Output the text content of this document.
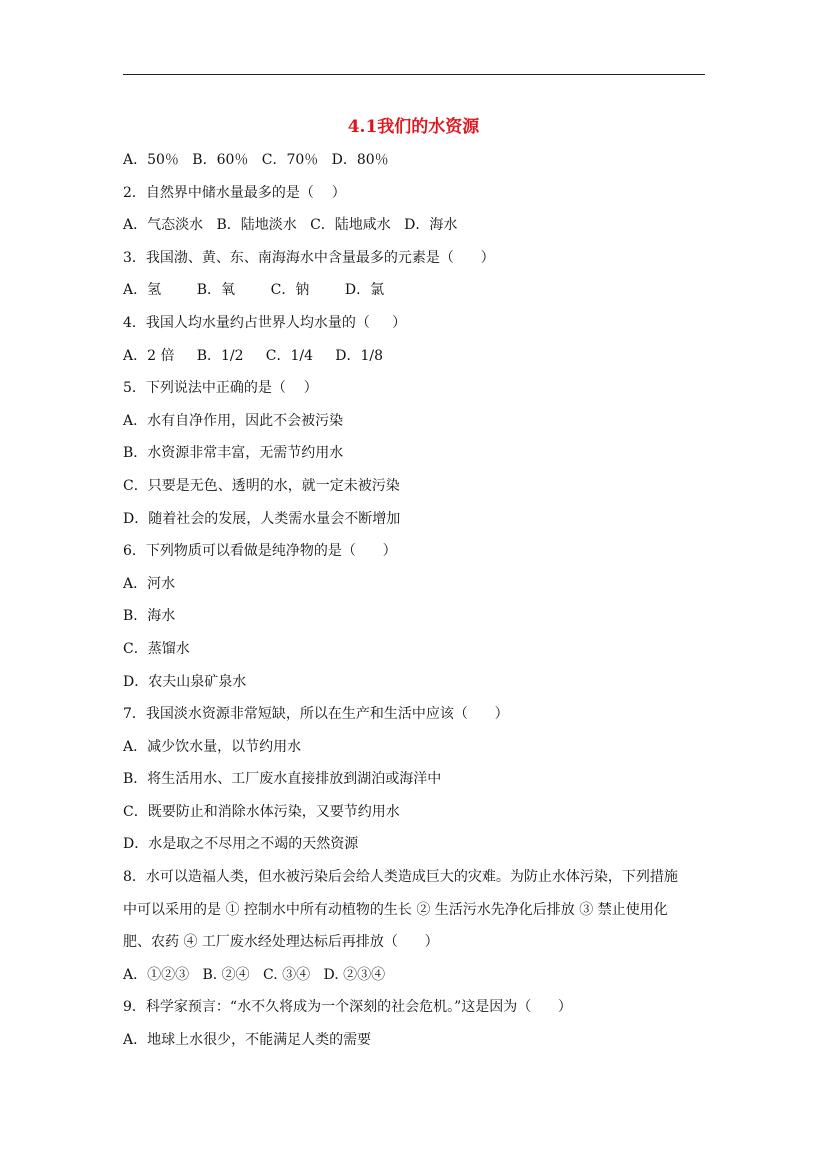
4.1我们的水资源
A．50％   B．60％   C．70％   D．80％
2．自然界中储水量最多的是（    ）
A．气态淡水   B．陆地淡水   C．陆地咸水   D．海水
3．我国渤、黄、东、南海海水中含量最多的元素是（      ）
A．氢        B．氧        C．钠        D．氯
4．我国人均水量约占世界人均水量的（     ）
A．2 倍     B．1/2     C．1/4     D．1/8
5．下列说法中正确的是（    ）
A．水有自净作用，因此不会被污染
B．水资源非常丰富，无需节约用水
C．只要是无色、透明的水，就一定未被污染
D．随着社会的发展，人类需水量会不断增加
6．下列物质可以看做是纯净物的是（      ）
A．河水
B．海水
C．蒸馏水
D．农夫山泉矿泉水
7．我国淡水资源非常短缺，所以在生产和生活中应该（      ）
A．减少饮水量，以节约用水
B．将生活用水、工厂废水直接排放到湖泊或海洋中
C．既要防止和消除水体污染，又要节约用水
D．水是取之不尽用之不竭的天然资源
8．水可以造福人类，但水被污染后会给人类造成巨大的灾难。为防止水体污染，下列措施
中可以采用的是 ① 控制水中所有动植物的生长 ② 生活污水先净化后排放 ③ 禁止使用化
肥、农药 ④ 工厂废水经处理达标后再排放（      ）
A．①②③   B. ②④   C. ③④   D. ②③④
9．科学家预言：“水不久将成为一个深刻的社会危机。”这是因为（      ）
A．地球上水很少，不能满足人类的需要
